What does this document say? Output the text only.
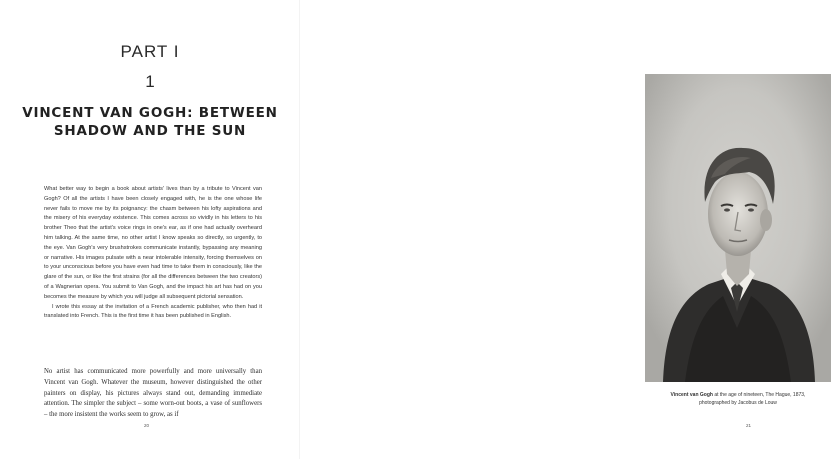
PART I
1
VINCENT VAN GOGH: BETWEEN
SHADOW AND THE SUN

What better way to begin a book about artists' lives than by a tribute to Vincent van Gogh? Of all the artists I have been closely engaged with, he is the one whose life never fails to move me by its poignancy: the chasm between his lofty aspirations and the misery of his everyday existence. This comes across so vividly in his letters to his brother Theo that the artist's voice rings in one's ear, as if one had actually overheard him talking. At the same time, no other artist I know speaks so directly, so urgently, to the eye. Van Gogh's very brushstrokes communicate instantly, bypassing any meaning or narrative. His images pulsate with a near intolerable intensity, forcing themselves on to your unconscious before you have even had time to take them in consciously, like the glare of the sun, or like the first strains (for all the differences between the two creators) of a Wagnerian opera. You submit to Van Gogh, and the impact his art has had on you becomes the measure by which you will judge all subsequent pictorial sensation.

I wrote this essay at the invitation of a French academic publisher, who then had it translated into French. This is the first time it has been published in English.

No artist has communicated more powerfully and more universally than Vincent van Gogh. Whatever the museum, however distinguished the other painters on display, his pictures always stand out, demanding immediate attention. The simpler the subject – some worn-out boots, a vase of sunflowers – the more insistent the works seem to grow, as if

20
Vincent van Gogh at the age of nineteen, The Hague, 1873,
photographed by Jacobus de Louw
21
